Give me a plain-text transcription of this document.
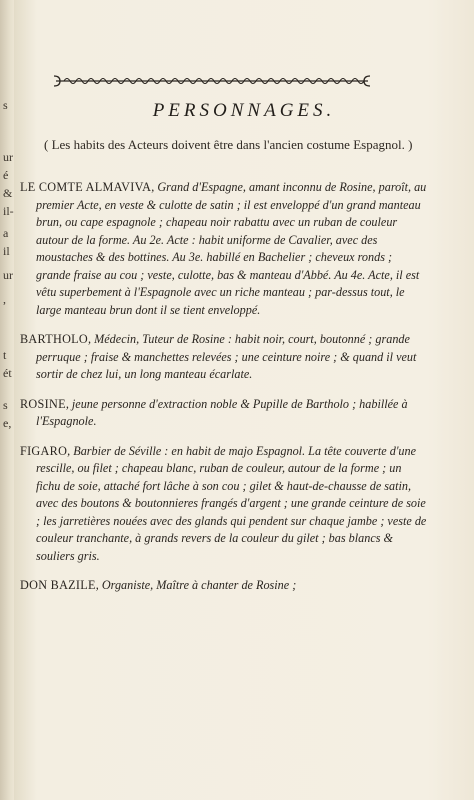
s
ur
é
&
il-
a
il
ur
,
t
ét
s
e,
PERSONNAGES.

( Les habits des Acteurs doivent être dans l'ancien costume Espagnol. )

LE COMTE ALMAVIVA, Grand d'Espagne, amant inconnu de Rosine, paroît, au premier Acte, en veste & culotte de satin ; il est enveloppé d'un grand manteau brun, ou cape espagnole ; chapeau noir rabattu avec un ruban de couleur autour de la forme. Au 2e. Acte : habit uniforme de Cavalier, avec des moustaches & des bottines. Au 3e. habillé en Bachelier ; cheveux ronds ; grande fraise au cou ; veste, culotte, bas & manteau d'Abbé. Au 4e. Acte, il est vêtu superbement à l'Espagnole avec un riche manteau ; par-dessus tout, le large manteau brun dont il se tient enveloppé.

BARTHOLO, Médecin, Tuteur de Rosine : habit noir, court, boutonné ; grande perruque ; fraise & manchettes relevées ; une ceinture noire ; & quand il veut sortir de chez lui, un long manteau écarlate.

ROSINE, jeune personne d'extraction noble & Pupille de Bartholo ; habillée à l'Espagnole.

FIGARO, Barbier de Séville : en habit de majo Espagnol. La tête couverte d'une rescille, ou filet ; chapeau blanc, ruban de couleur, autour de la forme ; un fichu de soie, attaché fort lâche à son cou ; gilet & haut-de-chausse de satin, avec des boutons & boutonnieres frangés d'argent ; une grande ceinture de soie ; les jarretières nouées avec des glands qui pendent sur chaque jambe ; veste de couleur tranchante, à grands revers de la couleur du gilet ; bas blancs & souliers gris.

DON BAZILE, Organiste, Maître à chanter de Rosine ;
